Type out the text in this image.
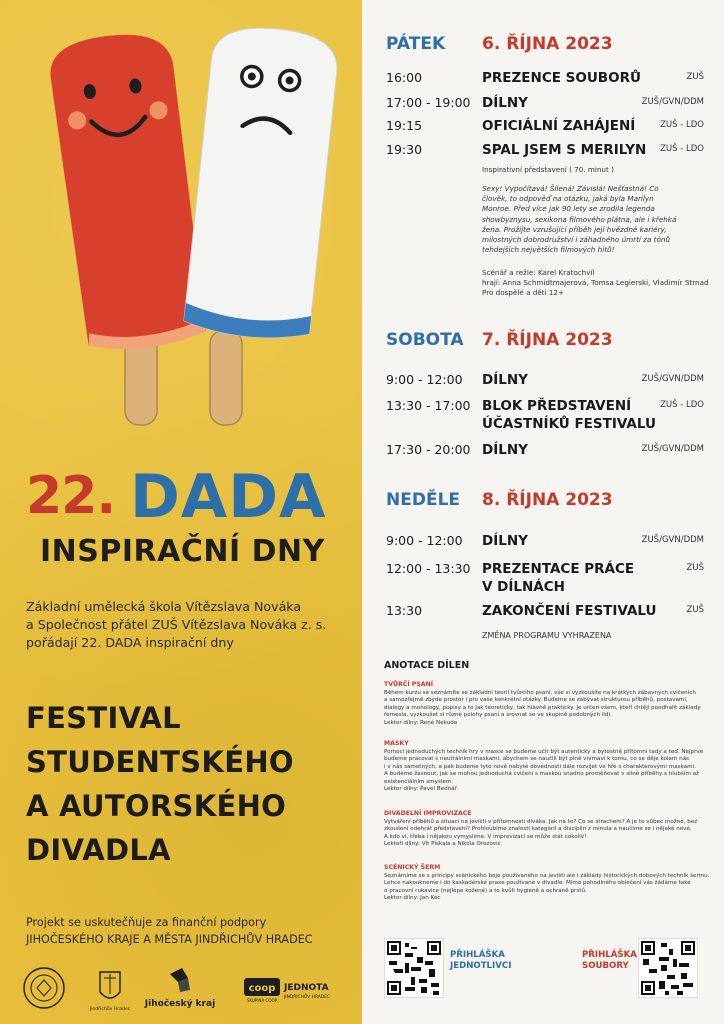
22. DADA
INSPIRAČNÍ DNY
Základní umělecká škola Vítězslava Nováka
a Společnost přátel ZUŠ Vítězslava Nováka z. s.
pořádají 22. DADA inspirační dny
FESTIVAL
STUDENTSKÉHO
A AUTORSKÉHO
DIVADLA
Projekt se uskutečňuje za finanční podpory
JIHOČESKÉHO KRAJE A MĚSTA JINDŘICHŮV HRADEC
Jindřichův Hradec
Jihočeský kraj
coop
SKUPINA COOP
JEDNOTA
JINDŘICHŮV HRADEC
PÁTEK	6. ŘÍJNA 2023
16:00	PREZENCE SOUBORŮ	ZUŠ
17:00 - 19:00 DÍLNY	ZUŠ/GVN/DDM
19:15	OFICIÁLNÍ ZAHÁJENÍ	ZUŠ - LDO
19:30	SPAL JSEM S MERILYN ZUŠ - LDO
Inspirativní představení ( 70. minut )
Sexy! Vypočítavá! Šílená! Závislá! Nešťastná! Co
člověk, to odpověď na otázku, jaká byla Marilyn
Monroe. Před více jak 90 lety se zrodila legenda
showbyznysu, sexikona filmového plátna, ale i křehká
žena. Prožijte vzrušující příběh její hvězdné kariéry,
milostných dobrodružství i záhadného úmrtí za tónů
tehdejších největších filmových hitů!
Scénář a režie: Karel Kratochvíl
hrají: Anna Schmidtmajerová, Tomsa Legierski, Vladimír Strnad
Pro dospělé a děti 12+
SOBOTA	7. ŘÍJNA 2023
9:00 - 12:00 DÍLNY	ZUŠ/GVN/DDM
13:30 - 17:00 BLOK PŘEDSTAVENÍ
ÚČASTNÍKŮ FESTIVALU
ZUŠ - LDO
17:30 - 20:00 DÍLNY	ZUŠ/GVN/DDM
NEDĚLE	8. ŘÍJNA 2023
9:00 - 12:00 DÍLNY	ZUŠ/GVN/DDM
12:00 - 13:30 PREZENTACE PRÁCE
V DÍLNÁCH
ZUŠ
13:30	ZAKONČENÍ FESTIVALU	ZUŠ
ZMĚNA PROGRAMU VYHRAZENA
ANOTACE DÍLEN
TVŮRČÍ PSANÍ
Během kurzu se seznámíte se základní teorií tvůrčího psaní, vše si vyzkoušíte na krátkých zábavných cvičeních
a samozřejmě zbyde prostor i pro vaše konkrétní otázky. Budeme se zabývat strukturou příběhů, postavami,
dialogy a monology, popisy a to jak teoreticky, tak hlavně prakticky. Je určen všem, kteří chtějí poodhalit základy
řemesla, vyzkoušet si různé polohy psaní a srovnat se ve skupině podobných lidí.
Lektor dílny: René Nekuda
MASKY
Pomocí jednoduchých technik hry v masce se budeme učit být autenticky a bytostně přítomni tady a teď. Nejprve
budeme pracovat s neutrálními maskami, abychom se naučili být plně vnímaví k tomu, co se děje kolem nás
i v nás samotných, a pak budeme tyto nově nabyté dovednosti dále rozvíjet ve hře s charakterovými maskami.
A budeme žasnout, jak se mohou jednoduchá cvičení s maskou snadno proměňovat v silné příběhy s hlubším až
existenciálním smyslem.
Lektor dílny: Pavel Bednář
DIVADELNÍ IMPROVIZACE
Vytváření příběhů a situací na jevišti v přítomnosti diváka. Jak na to? Co se strachem? A je to vůbec možné, bez
zkoušení odehrát představení? Prohloubíme znalosti kategorií a disciplín z minula a naučíme se i nějaké nové.
A kdo ví, třeba i nějakou vymyslíme. V improvizaci se může stát cokoliv!
Lektoři dílny: Vít Pískala a Nikola Orozović
SCÉNICKÝ ŠERM
Seznámíme se s principy scénického boje používaného na jevišti ale i základy historických dobových technik šermu.
Lehce nakoukneme i do kaskadérské praxe používané v divadle. Mimo pohodlného oblečení vás žádáme také
o pracovní rukavice (nejlépe kožené) a to kvůli hygieně a ochraně prstů.
Lektor dílny: Jan Kec
PŘIHLÁŠKA
JEDNOTLIVCI
PŘIHLÁŠKA
SOUBORY
